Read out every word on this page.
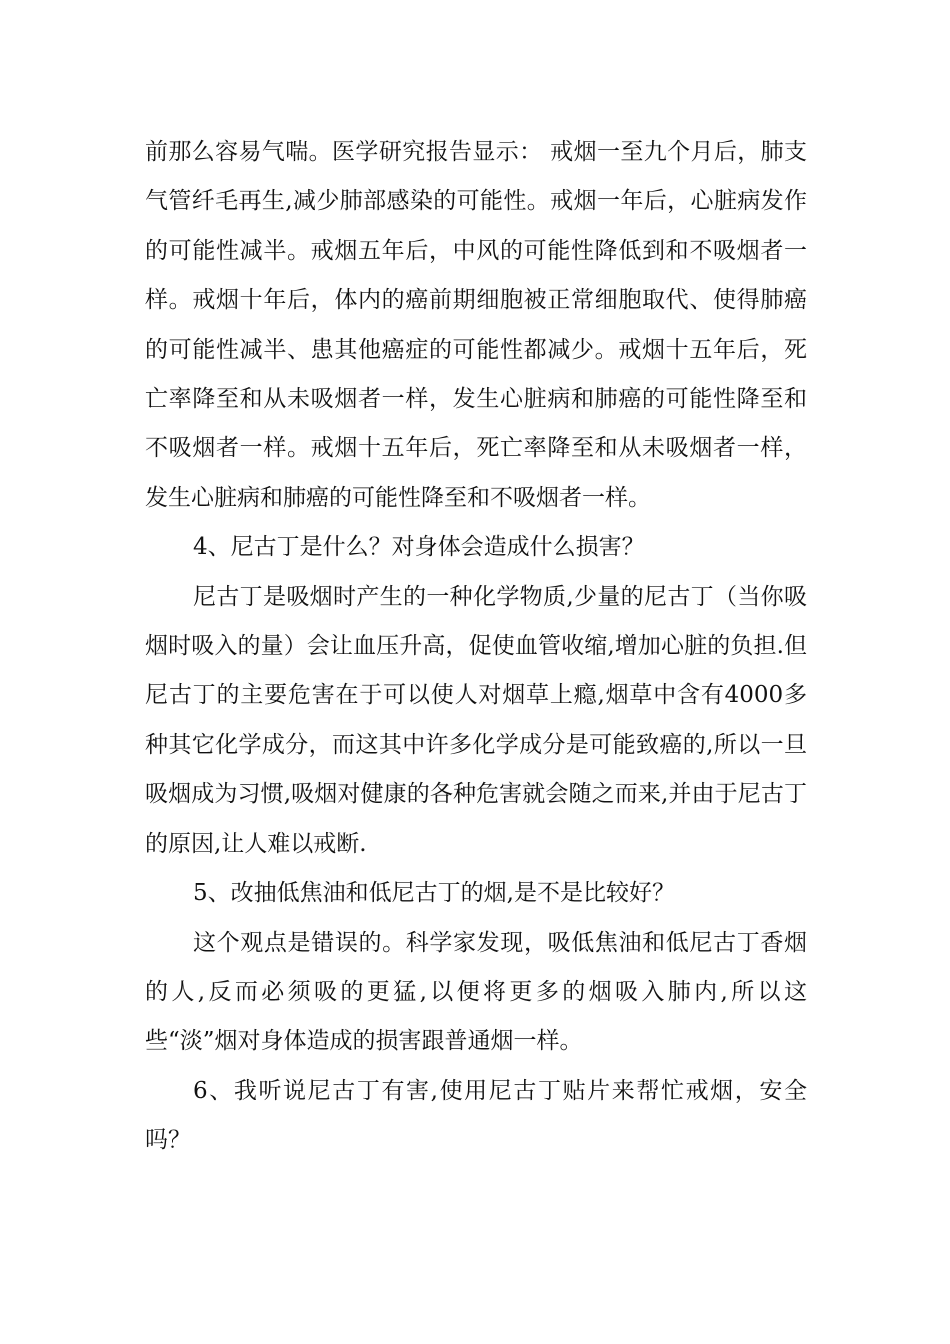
前那么容易气喘。医学研究报告显示： 戒烟一至九个月后，肺支气管纤毛再生,减少肺部感染的可能性。戒烟一年后，心脏病发作的可能性减半。戒烟五年后，中风的可能性降低到和不吸烟者一样。戒烟十年后，体内的癌前期细胞被正常细胞取代、使得肺癌的可能性减半、患其他癌症的可能性都减少。戒烟十五年后，死亡率降至和从未吸烟者一样，发生心脏病和肺癌的可能性降至和不吸烟者一样。戒烟十五年后，死亡率降至和从未吸烟者一样，发生心脏病和肺癌的可能性降至和不吸烟者一样。

4、尼古丁是什么？对身体会造成什么损害？

尼古丁是吸烟时产生的一种化学物质,少量的尼古丁（当你吸烟时吸入的量）会让血压升高，促使血管收缩,增加心脏的负担.但尼古丁的主要危害在于可以使人对烟草上瘾,烟草中含有4000多种其它化学成分，而这其中许多化学成分是可能致癌的,所以一旦吸烟成为习惯,吸烟对健康的各种危害就会随之而来,并由于尼古丁的原因,让人难以戒断.

5、改抽低焦油和低尼古丁的烟,是不是比较好？

这个观点是错误的。科学家发现，吸低焦油和低尼古丁香烟的人,反而必须吸的更猛,以便将更多的烟吸入肺内,所以这些“淡”烟对身体造成的损害跟普通烟一样。

6、我听说尼古丁有害,使用尼古丁贴片来帮忙戒烟，安全吗？
